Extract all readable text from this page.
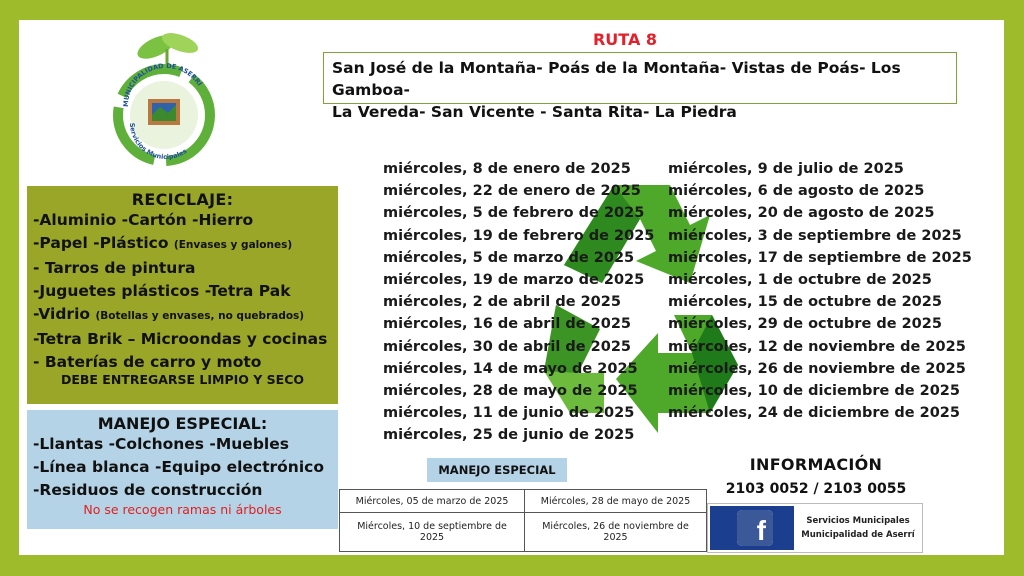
MUNICIPALIDAD DE ASERRÍ
Servicios Municipales
RUTA 8
San José de la Montaña- Poás de la Montaña- Vistas de Poás- Los Gamboa-
La Vereda- San Vicente - Santa Rita- La Piedra
RECICLAJE:
-Aluminio -Cartón -Hierro
-Papel -Plástico (Envases y galones)
- Tarros de pintura
-Juguetes plásticos -Tetra Pak
-Vidrio (Botellas y envases, no quebrados)
-Tetra Brik – Microondas y cocinas
- Baterías de carro y moto
DEBE ENTREGARSE LIMPIO Y SECO
MANEJO ESPECIAL:
-Llantas -Colchones -Muebles
-Línea blanca -Equipo electrónico
-Residuos de construcción
No se recogen ramas ni árboles
miércoles, 8 de enero de 2025
miércoles, 22 de enero de 2025
miércoles, 5 de febrero de 2025
miércoles, 19 de febrero de 2025
miércoles, 5 de marzo de 2025
miércoles, 19 de marzo de 2025
miércoles, 2 de abril de 2025
miércoles, 16 de abril de 2025
miércoles, 30 de abril de 2025
miércoles, 14 de mayo de 2025
miércoles, 28 de mayo de 2025
miércoles, 11 de junio de 2025
miércoles, 25 de junio de 2025
miércoles, 9 de julio de 2025
miércoles, 6 de agosto de 2025
miércoles, 20 de agosto de 2025
miércoles, 3 de septiembre de 2025
miércoles, 17 de septiembre de 2025
miércoles, 1 de octubre de 2025
miércoles, 15 de octubre de 2025
miércoles, 29 de octubre de 2025
miércoles, 12 de noviembre de 2025
miércoles, 26 de noviembre de 2025
miércoles, 10 de diciembre de 2025
miércoles, 24 de diciembre de 2025
MANEJO ESPECIAL
Miércoles, 05 de marzo de 2025	Miércoles, 28 de mayo de 2025
Miércoles, 10 de septiembre de 2025	Miércoles, 26 de noviembre de 2025
INFORMACIÓN
2103 0052 / 2103 0055
f	Servicios Municipales
Municipalidad de Aserrí
